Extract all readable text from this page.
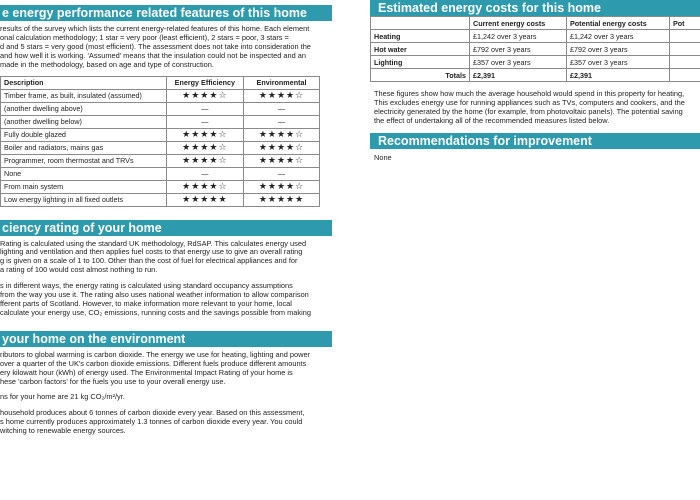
e energy performance related features of this home

results of the survey which lists the current energy-related features of this home. Each element

onal calculation methodology; 1 star = very poor (least efficient), 2 stars = poor, 3 stars =

d and 5 stars = very good (most efficient). The assessment does not take into consideration the

and how well it is working. 'Assumed' means that the insulation could not be inspected and an

made in the methodology, based on age and type of construction.

Description	Energy Efficiency	Environmental
Timber frame, as built, insulated (assumed)	★★★★☆	★★★★☆
(another dwelling above)	—	—
(another dwelling below)	—	—
Fully double glazed	★★★★☆	★★★★☆
Boiler and radiators, mains gas	★★★★☆	★★★★☆
Programmer, room thermostat and TRVs	★★★★☆	★★★★☆
None	—	—
From main system	★★★★☆	★★★★☆
Low energy lighting in all fixed outlets	★★★★★	★★★★★
ciency rating of your home

Rating is calculated using the standard UK methodology, RdSAP. This calculates energy used

lighting and ventilation and then applies fuel costs to that energy use to give an overall rating

g is given on a scale of 1 to 100. Other than the cost of fuel for electrical appliances and for

a rating of 100 would cost almost nothing to run.

s in different ways, the energy rating is calculated using standard occupancy assumptions

from the way you use it. The rating also uses national weather information to allow comparison

fferent parts of Scotland. However, to make information more relevant to your home, local

calculate your energy use, CO₂ emissions, running costs and the savings possible from making

your home on the environment

ributors to global warming is carbon dioxide. The energy we use for heating, lighting and power

over a quarter of the UK's carbon dioxide emissions. Different fuels produce different amounts

ery kilowatt hour (kWh) of energy used. The Environmental Impact Rating of your home is

hese 'carbon factors' for the fuels you use to your overall energy use.

ns for your home are 21 kg CO₂/m²/yr.

household produces about 6 tonnes of carbon dioxide every year. Based on this assessment,

s home currently produces approximately 1.3 tonnes of carbon dioxide every year. You could

witching to renewable energy sources.

Estimated energy costs for this home
	Current energy costs	Potential energy costs	Pot
Heating	£1,242 over 3 years	£1,242 over 3 years	
Hot water	£792 over 3 years	£792 over 3 years	
Lighting	£357 over 3 years	£357 over 3 years	
Totals	£2,391	£2,391	

These figures show how much the average household would spend in this property for heating,

This excludes energy use for running appliances such as TVs, computers and cookers, and the

electricity generated by the home (for example, from photovoltaic panels). The potential saving

the effect of undertaking all of the recommended measures listed below.

Recommendations for improvement

None
